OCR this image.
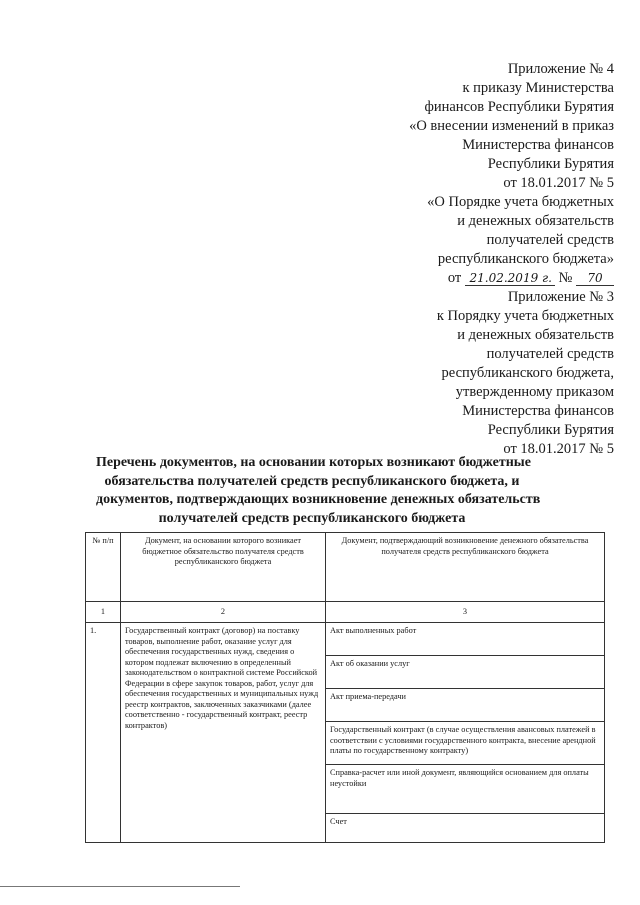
Приложение № 4
к приказу Министерства
финансов Республики Бурятия
«О внесении изменений в приказ
Министерства финансов
Республики Бурятия
от 18.01.2017 № 5
«О Порядке учета бюджетных
и денежных обязательств
получателей средств
республиканского бюджета»
от 21.02.2019 г. № 70
Приложение № 3
к Порядку учета бюджетных
и денежных обязательств
получателей средств
республиканского бюджета,
утвержденному приказом
Министерства финансов
Республики Бурятия
от 18.01.2017 № 5
Перечень документов, на основании которых возникают бюджетные
обязательства получателей средств республиканского бюджета, и
документов, подтверждающих возникновение денежных обязательств
получателей средств республиканского бюджета
№ п/п	Документ, на основании которого возникает бюджетное обязательство получателя средств республиканского бюджета	Документ, подтверждающий возникновение денежного обязательства получателя средств республиканского бюджета
1	2	3
1.	Государственный контракт (договор) на поставку товаров, выполнение работ, оказание услуг для обеспечения государственных нужд, сведения о котором подлежат включению в определенный законодательством о контрактной системе Российской Федерации в сфере закупок товаров, работ, услуг для обеспечения государственных и муниципальных нужд реестр контрактов, заключенных заказчиками (далее соответственно - государственный контракт, реестр контрактов)	Акт выполненных работ
		Акт об оказании услуг
		Акт приема-передачи
		Государственный контракт (в случае осуществления авансовых платежей в соответствии с условиями государственного контракта, внесение арендной платы по государственному контракту)
		Справка-расчет или иной документ, являющийся основанием для оплаты неустойки
		Счет
